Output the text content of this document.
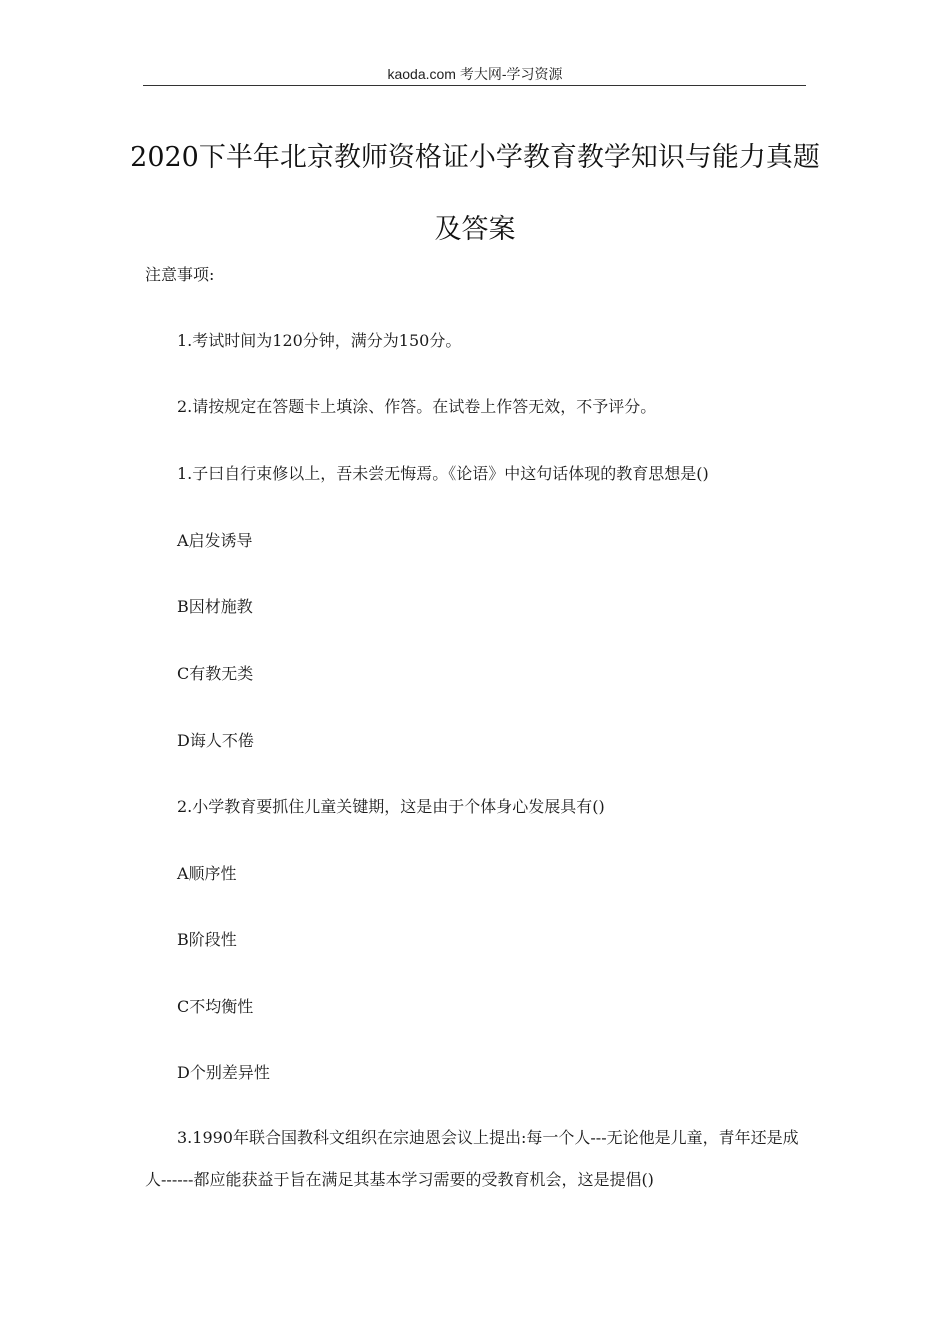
kaoda.com 考大网-学习资源
2020下半年北京教师资格证小学教育教学知识与能力真题
及答案
注意事项:
1.考试时间为120分钟，满分为150分。
2.请按规定在答题卡上填涂、作答。在试卷上作答无效，不予评分。
1.子曰自行束修以上，吾未尝无悔焉。《论语》中这句话体现的教育思想是()
A启发诱导
B因材施教
C有教无类
D诲人不倦
2.小学教育要抓住儿童关键期，这是由于个体身心发展具有()
A顺序性
B阶段性
C不均衡性
D个别差异性
3.1990年联合国教科文组织在宗迪恩会议上提出:每一个人---无论他是儿童，青年还是成人------都应能获益于旨在满足其基本学习需要的受教育机会，这是提倡()
